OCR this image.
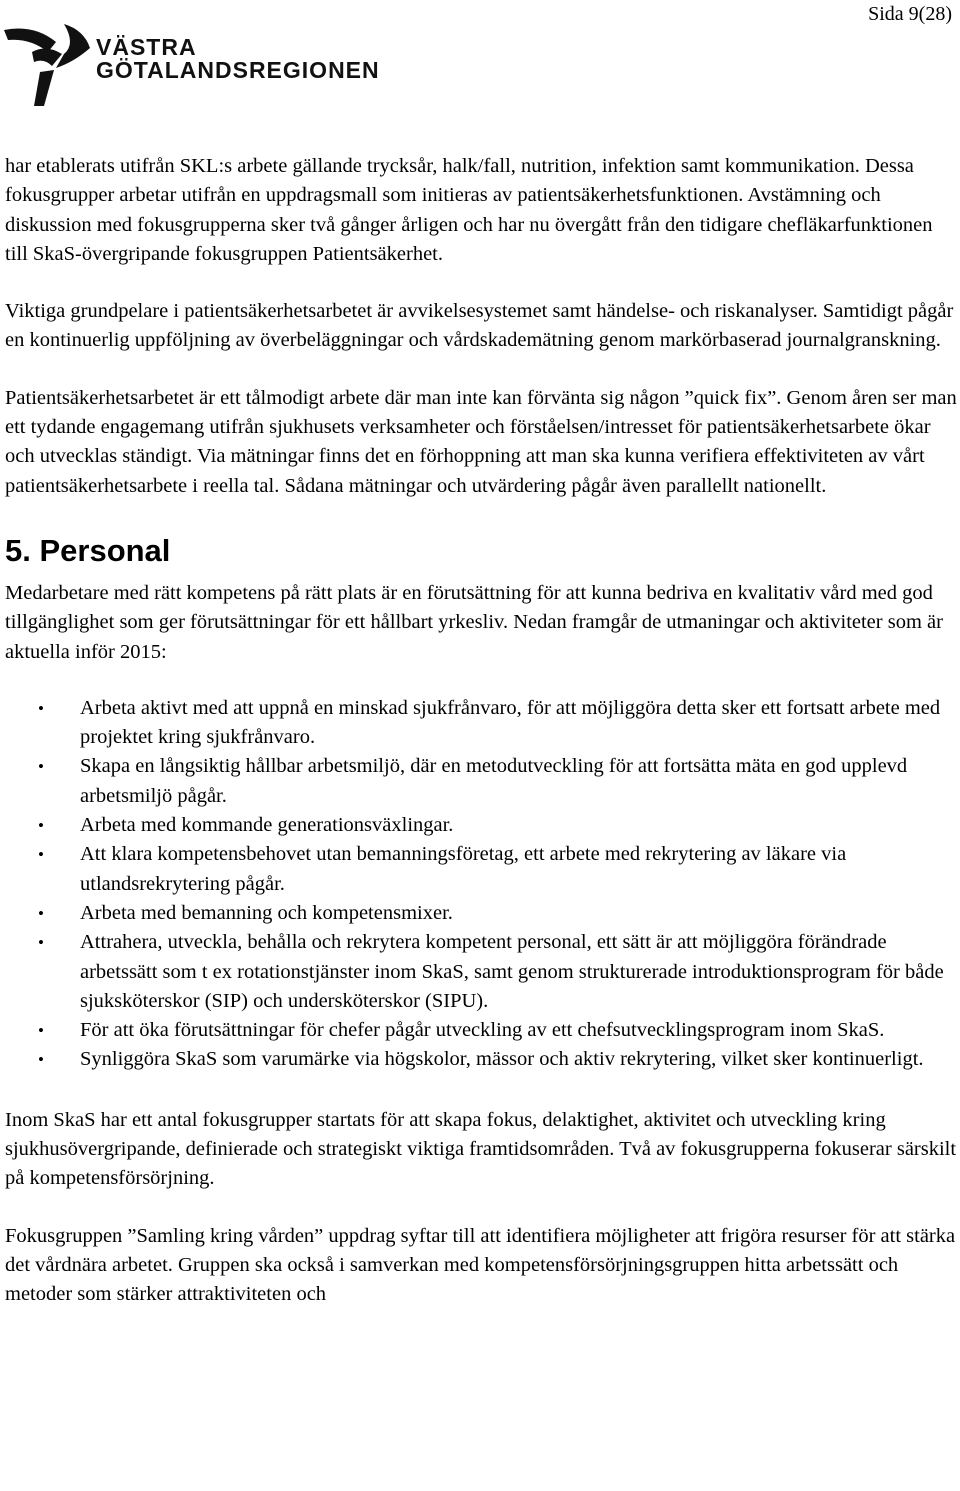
Sida 9(28)
VÄSTRA
GÖTALANDSREGIONEN

har etablerats utifrån SKL:s arbete gällande trycksår, halk/fall, nutrition, infektion samt kommunikation. Dessa fokusgrupper arbetar utifrån en uppdragsmall som initieras av patientsäkerhetsfunktionen. Avstämning och diskussion med fokusgrupperna sker två gånger årligen och har nu övergått från den tidigare chefläkarfunktionen till SkaS-övergripande fokusgruppen Patientsäkerhet.

Viktiga grundpelare i patientsäkerhetsarbetet är avvikelsesystemet samt händelse- och riskanalyser. Samtidigt pågår en kontinuerlig uppföljning av överbeläggningar och vårdskademätning genom markörbaserad journalgranskning.

Patientsäkerhetsarbetet är ett tålmodigt arbete där man inte kan förvänta sig någon ”quick fix”. Genom åren ser man ett tydande engagemang utifrån sjukhusets verksamheter och förståelsen/intresset för patientsäkerhetsarbete ökar och utvecklas ständigt. Via mätningar finns det en förhoppning att man ska kunna verifiera effektiviteten av vårt patientsäkerhetsarbete i reella tal. Sådana mätningar och utvärdering pågår även parallellt nationellt.

5. Personal

Medarbetare med rätt kompetens på rätt plats är en förutsättning för att kunna bedriva en kvalitativ vård med god tillgänglighet som ger förutsättningar för ett hållbart yrkesliv. Nedan framgår de utmaningar och aktiviteter som är aktuella inför 2015:

• Arbeta aktivt med att uppnå en minskad sjukfrånvaro, för att möjliggöra detta sker ett fortsatt arbete med projektet kring sjukfrånvaro.
• Skapa en långsiktig hållbar arbetsmiljö, där en metodutveckling för att fortsätta mäta en god upplevd arbetsmiljö pågår.
• Arbeta med kommande generationsväxlingar.
• Att klara kompetensbehovet utan bemanningsföretag, ett arbete med rekrytering av läkare via utlandsrekrytering pågår.
• Arbeta med bemanning och kompetensmixer.
• Attrahera, utveckla, behålla och rekrytera kompetent personal, ett sätt är att möjliggöra förändrade arbetssätt som t ex rotationstjänster inom SkaS, samt genom strukturerade introduktionsprogram för både sjuksköterskor (SIP) och undersköterskor (SIPU).
• För att öka förutsättningar för chefer pågår utveckling av ett chefsutvecklingsprogram inom SkaS.
• Synliggöra SkaS som varumärke via högskolor, mässor och aktiv rekrytering, vilket sker kontinuerligt.

Inom SkaS har ett antal fokusgrupper startats för att skapa fokus, delaktighet, aktivitet och utveckling kring sjukhusövergripande, definierade och strategiskt viktiga framtidsområden. Två av fokusgrupperna fokuserar särskilt på kompetensförsörjning.

Fokusgruppen ”Samling kring vården” uppdrag syftar till att identifiera möjligheter att frigöra resurser för att stärka det vårdnära arbetet. Gruppen ska också i samverkan med kompetensförsörjningsgruppen hitta arbetssätt och metoder som stärker attraktiviteten och
